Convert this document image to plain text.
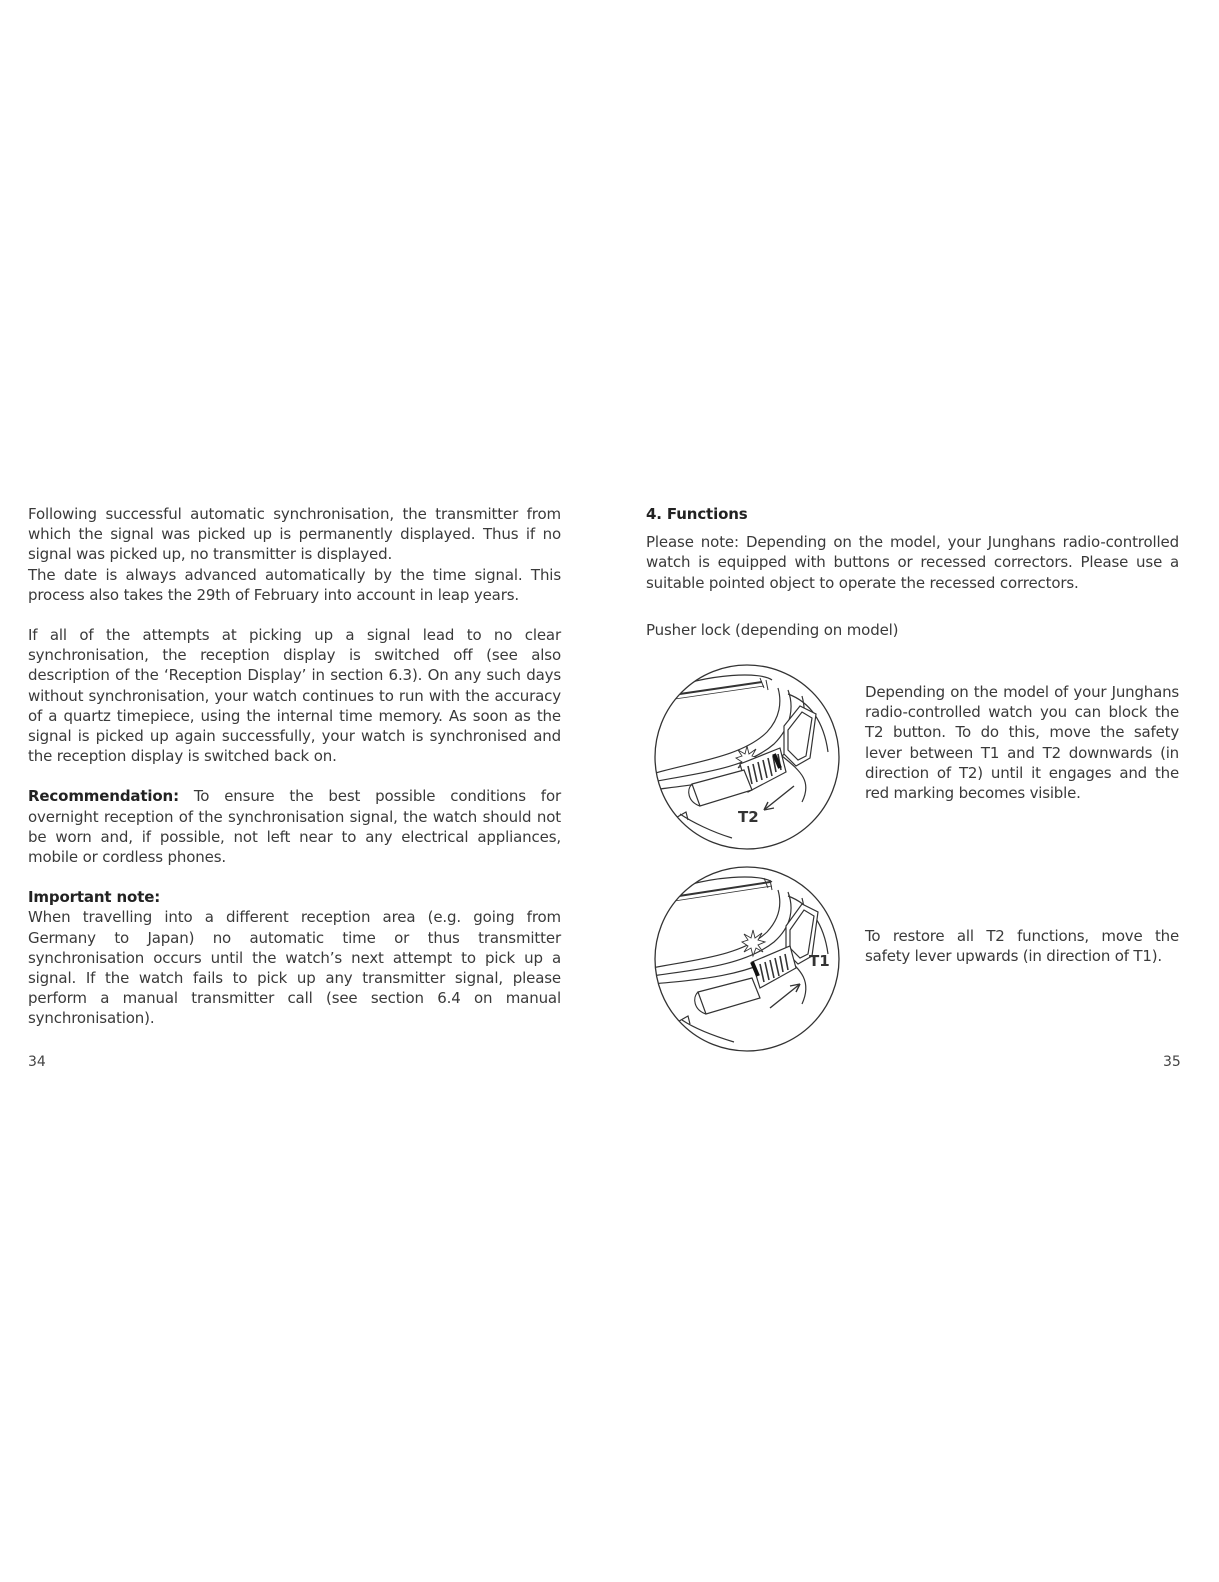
Following successful automatic synchronisation, the transmitter from which the signal was picked up is permanently displayed. Thus if no signal was picked up, no transmitter is displayed.

The date is always advanced automatically by the time signal. This process also takes the 29th of February into account in leap years.

If all of the attempts at picking up a signal lead to no clear synchronisation, the reception display is switched off (see also description of the ‘Reception Display’ in section 6.3). On any such days without synchronisation, your watch continues to run with the accuracy of a quartz timepiece, using the internal time memory. As soon as the signal is picked up again successfully, your watch is synchronised and the reception display is switched back on.

Recommendation: To ensure the best possible conditions for overnight reception of the synchronisation signal, the watch should not be worn and, if possible, not left near to any electrical appliances, mobile or cordless phones.

Important note:

When travelling into a different reception area (e.g. going from Germany to Japan) no automatic time or thus transmitter synchronisation occurs until the watch’s next attempt to pick up a signal. If the watch fails to pick up any transmitter signal, please perform a manual transmitter call (see section 6.4 on manual synchronisation).

4. Functions

Please note: Depending on the model, your Junghans radio-controlled watch is equipped with buttons or recessed correctors. Please use a suitable pointed object to operate the recessed correctors.

Pusher lock (depending on model)

T2
Depending on the model of your Junghans radio-controlled watch you can block the T2 button. To do this, move the safety lever between T1 and T2 downwards (in direction of T2) until it engages and the red marking becomes visible.
T1
To restore all T2 functions, move the safety lever upwards (in direction of T1).
34	35
